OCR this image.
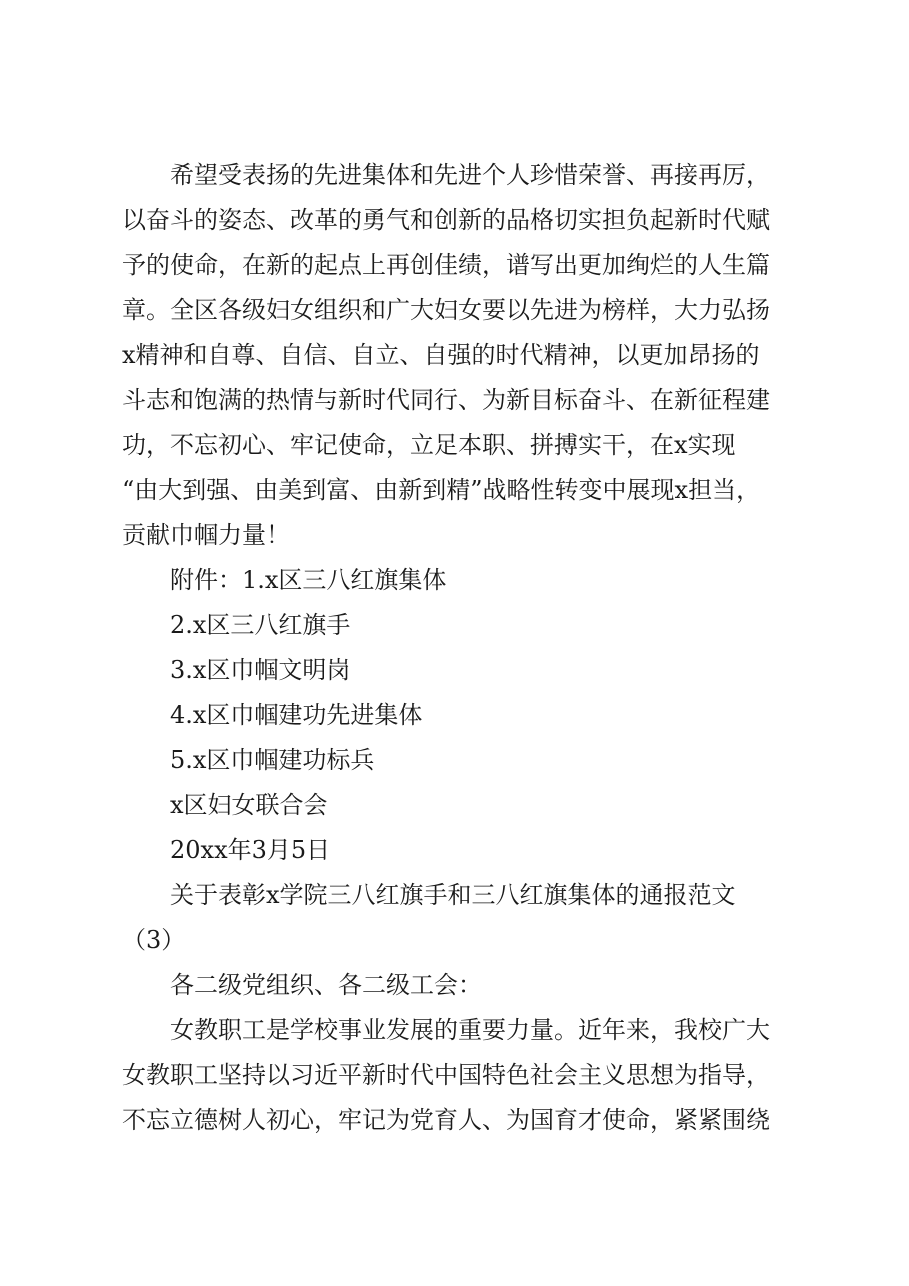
希望受表扬的先进集体和先进个人珍惜荣誉、再接再厉，

以奋斗的姿态、改革的勇气和创新的品格切实担负起新时代赋

予的使命，在新的起点上再创佳绩，谱写出更加绚烂的人生篇

章。全区各级妇女组织和广大妇女要以先进为榜样，大力弘扬

x精神和自尊、自信、自立、自强的时代精神，以更加昂扬的

斗志和饱满的热情与新时代同行、为新目标奋斗、在新征程建

功，不忘初心、牢记使命，立足本职、拼搏实干，在x实现

“由大到强、由美到富、由新到精”战略性转变中展现x担当，

贡献巾帼力量！

附件：1.x区三八红旗集体

2.x区三八红旗手

3.x区巾帼文明岗

4.x区巾帼建功先进集体

5.x区巾帼建功标兵

x区妇女联合会

20xx年3月5日

关于表彰x学院三八红旗手和三八红旗集体的通报范文

（3）

各二级党组织、各二级工会：

女教职工是学校事业发展的重要力量。近年来，我校广大

女教职工坚持以习近平新时代中国特色社会主义思想为指导，

不忘立德树人初心，牢记为党育人、为国育才使命，紧紧围绕
